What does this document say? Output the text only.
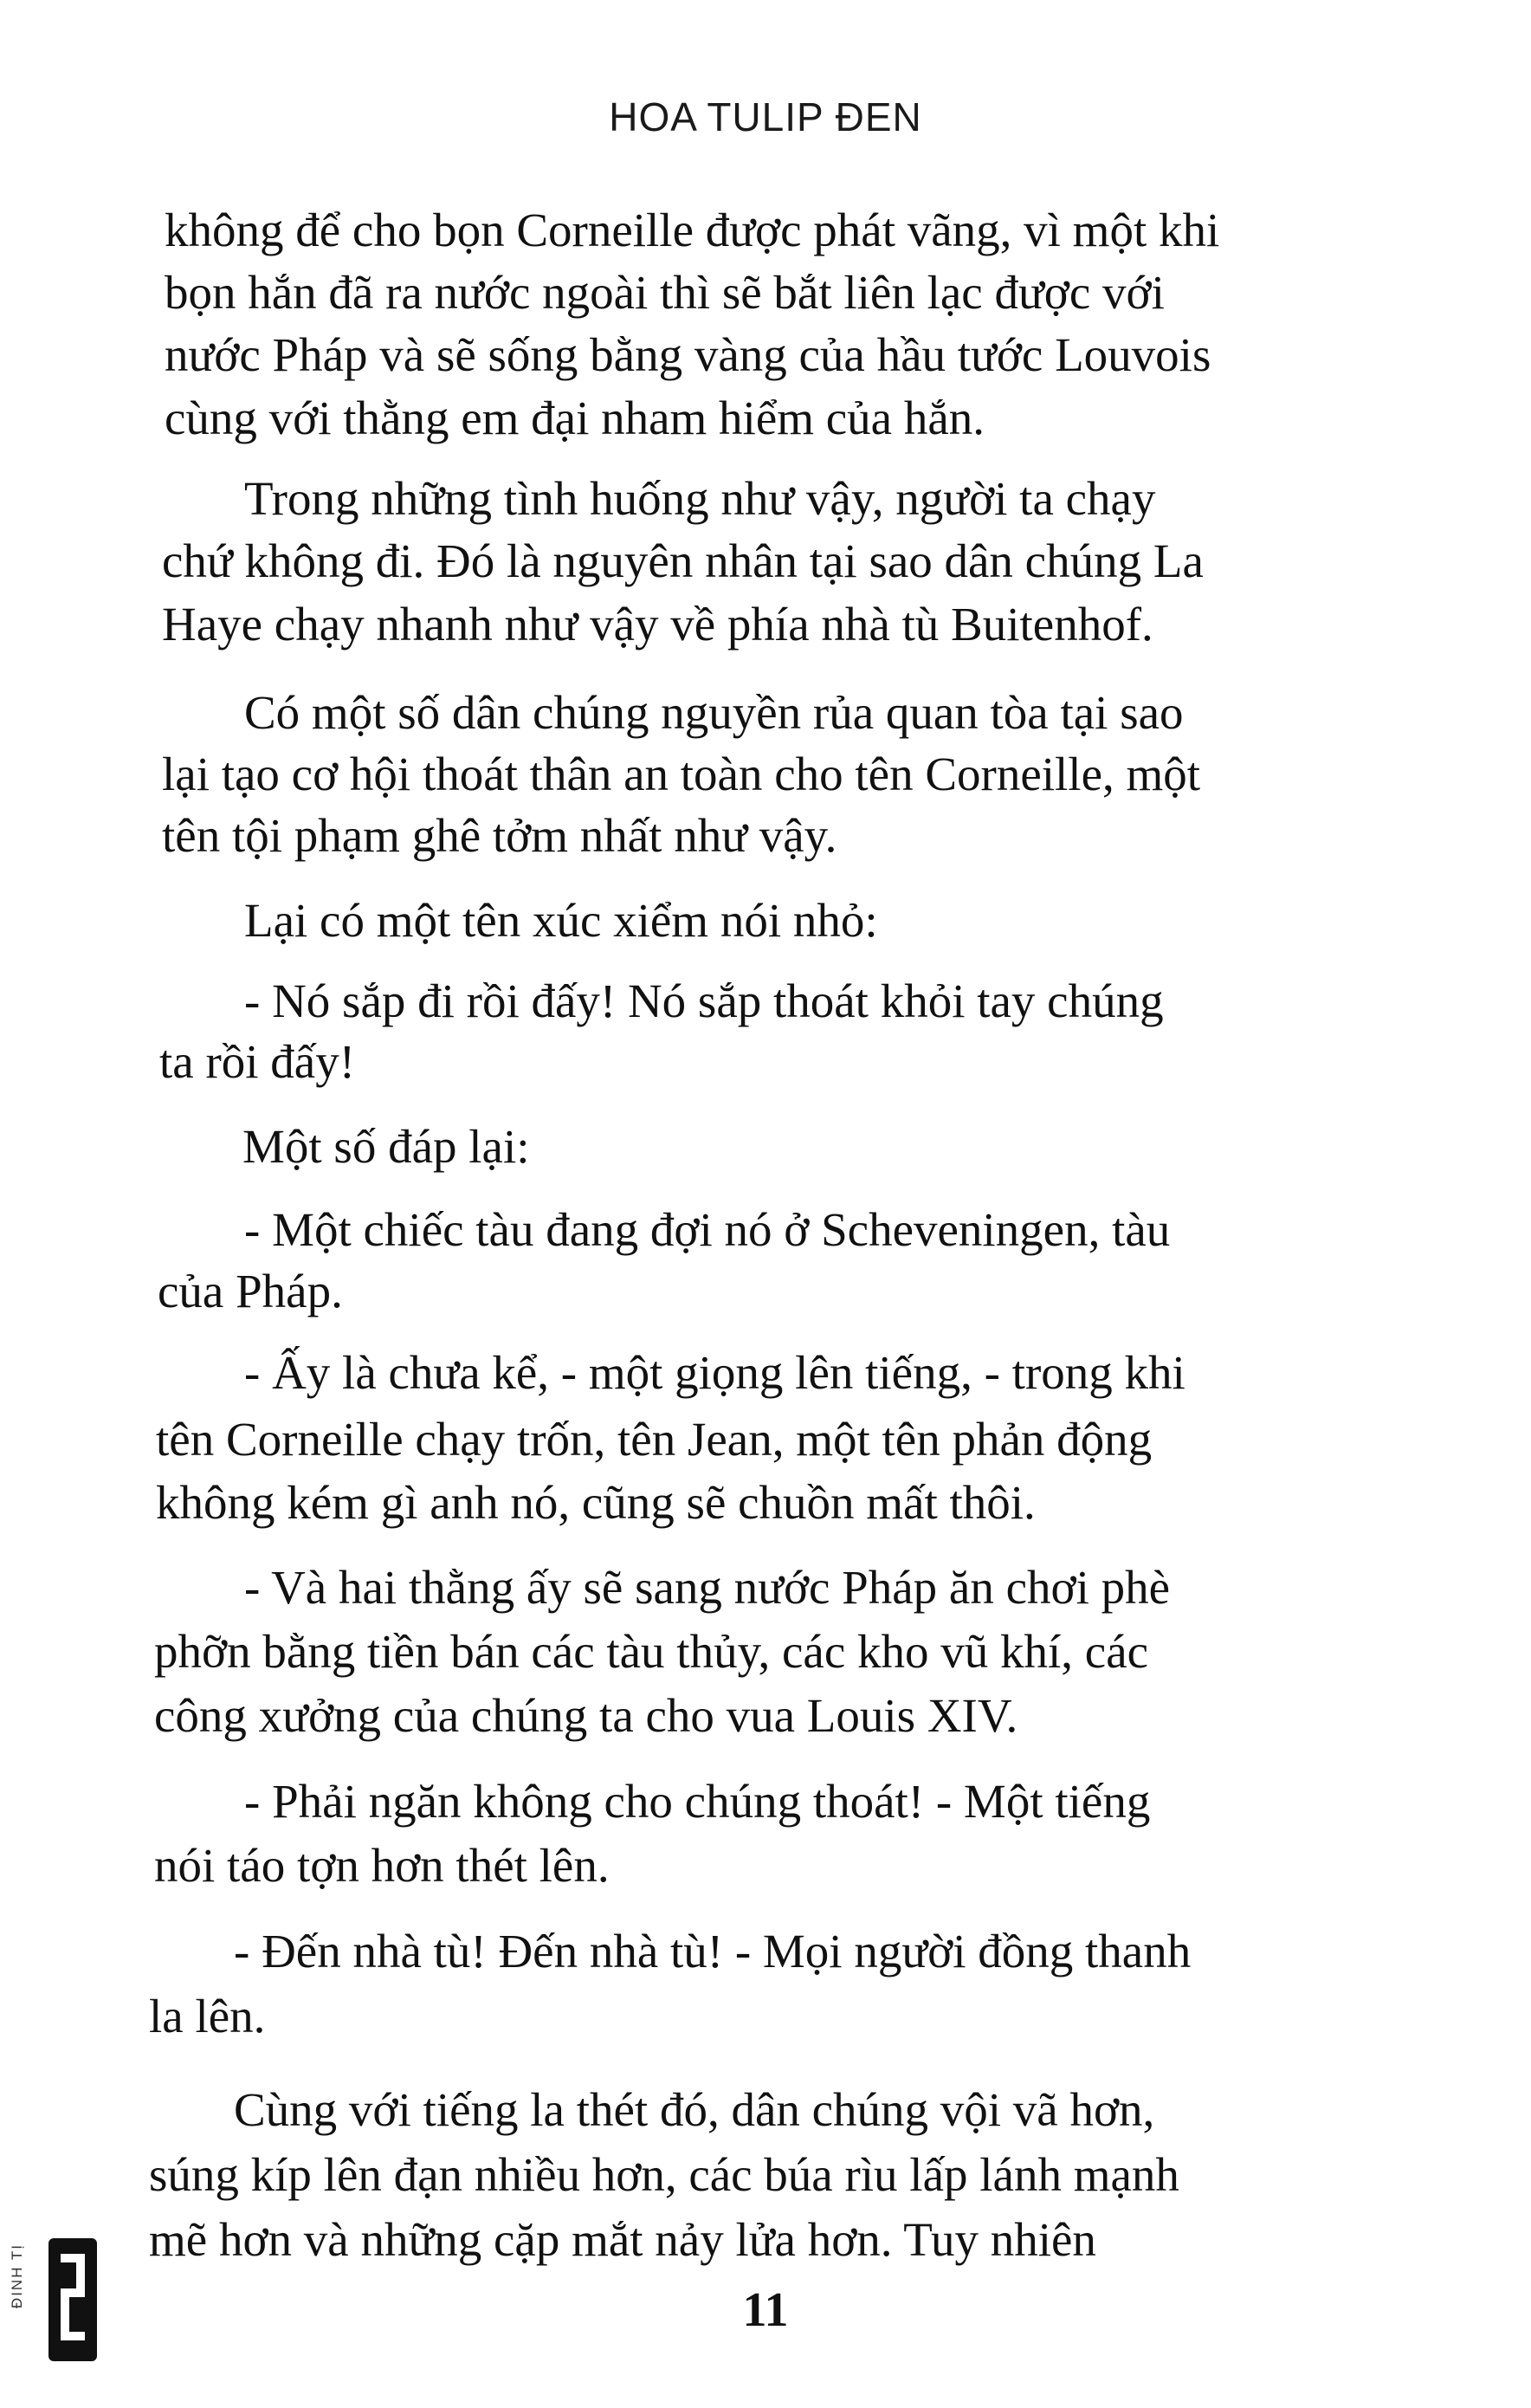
HOA TULIP ĐEN
không để cho bọn Corneille được phát vãng, vì một khi
bọn hắn đã ra nước ngoài thì sẽ bắt liên lạc được với
nước Pháp và sẽ sống bằng vàng của hầu tước Louvois
cùng với thằng em đại nham hiểm của hắn.
Trong những tình huống như vậy, người ta chạy
chứ không đi. Đó là nguyên nhân tại sao dân chúng La
Haye chạy nhanh như vậy về phía nhà tù Buitenhof.
Có một số dân chúng nguyền rủa quan tòa tại sao
lại tạo cơ hội thoát thân an toàn cho tên Corneille, một
tên tội phạm ghê tởm nhất như vậy.
Lại có một tên xúc xiểm nói nhỏ:
- Nó sắp đi rồi đấy! Nó sắp thoát khỏi tay chúng
ta rồi đấy!
Một số đáp lại:
- Một chiếc tàu đang đợi nó ở Scheveningen, tàu
của Pháp.
- Ấy là chưa kể, - một giọng lên tiếng, - trong khi
tên Corneille chạy trốn, tên Jean, một tên phản động
không kém gì anh nó, cũng sẽ chuồn mất thôi.
- Và hai thằng ấy sẽ sang nước Pháp ăn chơi phè
phỡn bằng tiền bán các tàu thủy, các kho vũ khí, các
công xưởng của chúng ta cho vua Louis XIV.
- Phải ngăn không cho chúng thoát! - Một tiếng
nói táo tợn hơn thét lên.
- Đến nhà tù! Đến nhà tù! - Mọi người đồng thanh
la lên.
Cùng với tiếng la thét đó, dân chúng vội vã hơn,
súng kíp lên đạn nhiều hơn, các búa rìu lấp lánh mạnh
mẽ hơn và những cặp mắt nảy lửa hơn. Tuy nhiên
ĐINH TỊ
11
